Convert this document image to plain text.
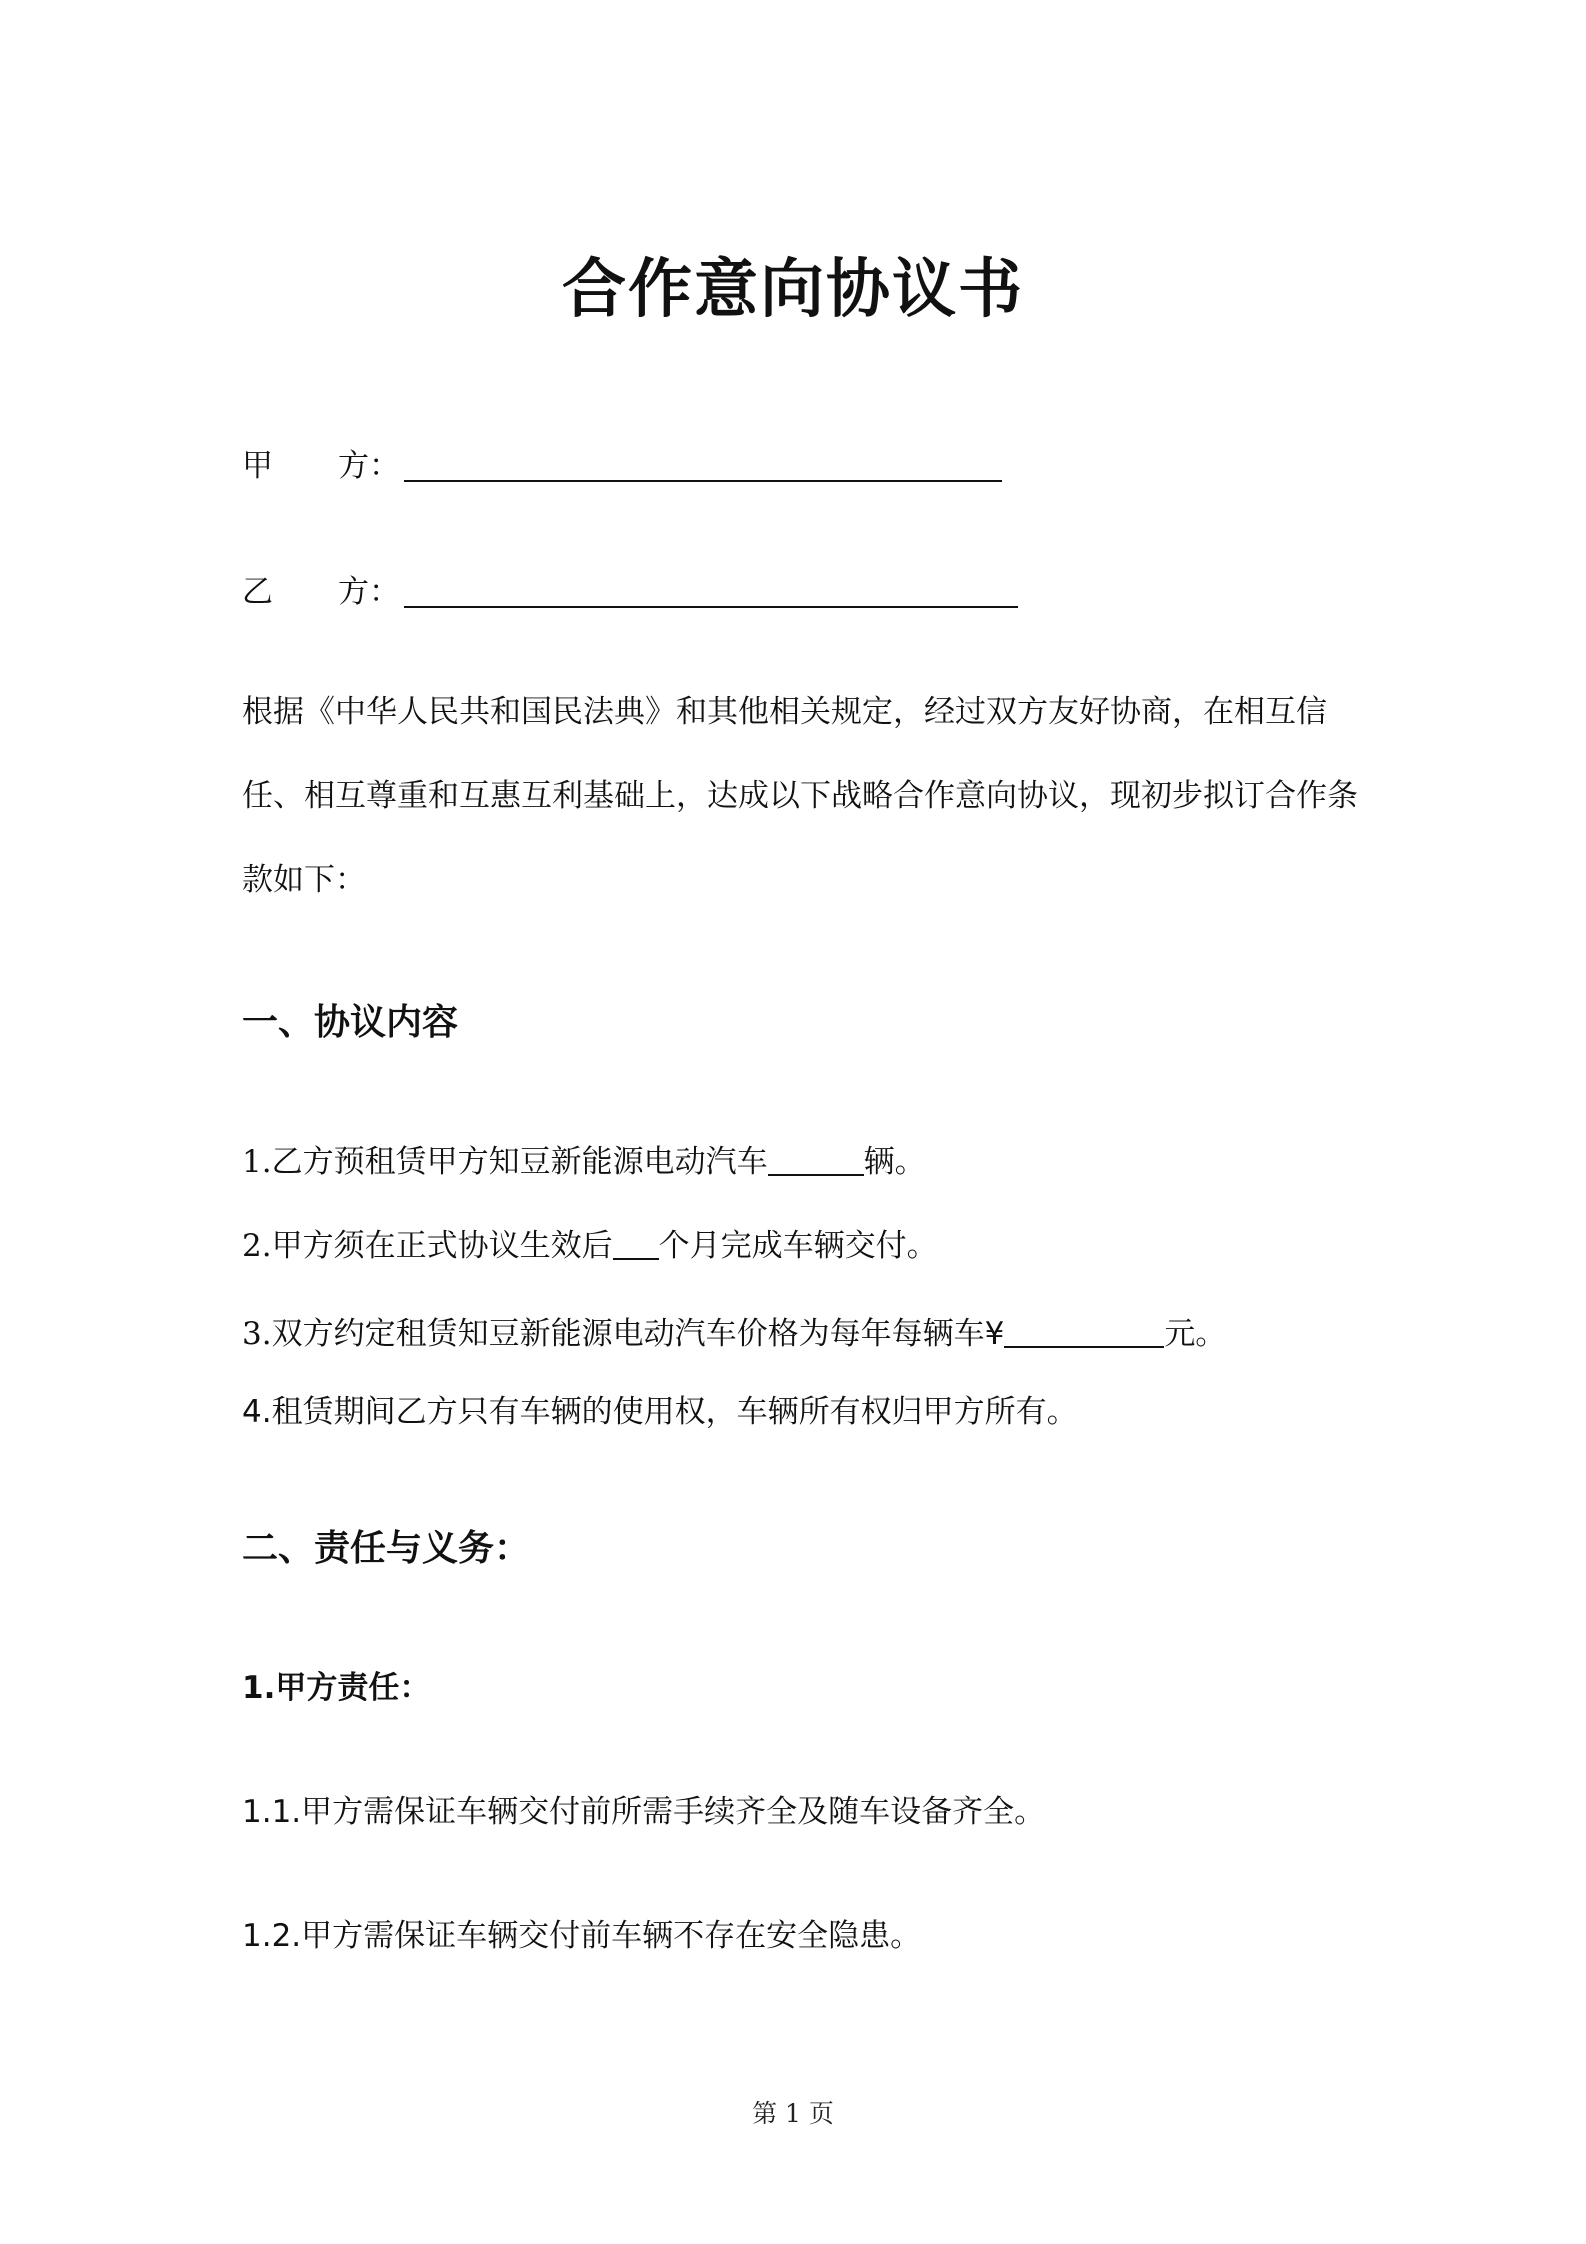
合作意向协议书
甲 方：
乙 方：
根据《中华人民共和国民法典》和其他相关规定，经过双方友好协商，在相互信任、相互尊重和互惠互利基础上，达成以下战略合作意向协议，现初步拟订合作条款如下：
一、协议内容
1.乙方预租赁甲方知豆新能源电动汽车	辆。
2.甲方须在正式协议生效后 个月完成车辆交付。
3.双方约定租赁知豆新能源电动汽车价格为每年每辆车¥	元。
4.租赁期间乙方只有车辆的使用权，车辆所有权归甲方所有。
二、责任与义务：
1.甲方责任：
1.1.甲方需保证车辆交付前所需手续齐全及随车设备齐全。
1.2.甲方需保证车辆交付前车辆不存在安全隐患。
第 1 页
